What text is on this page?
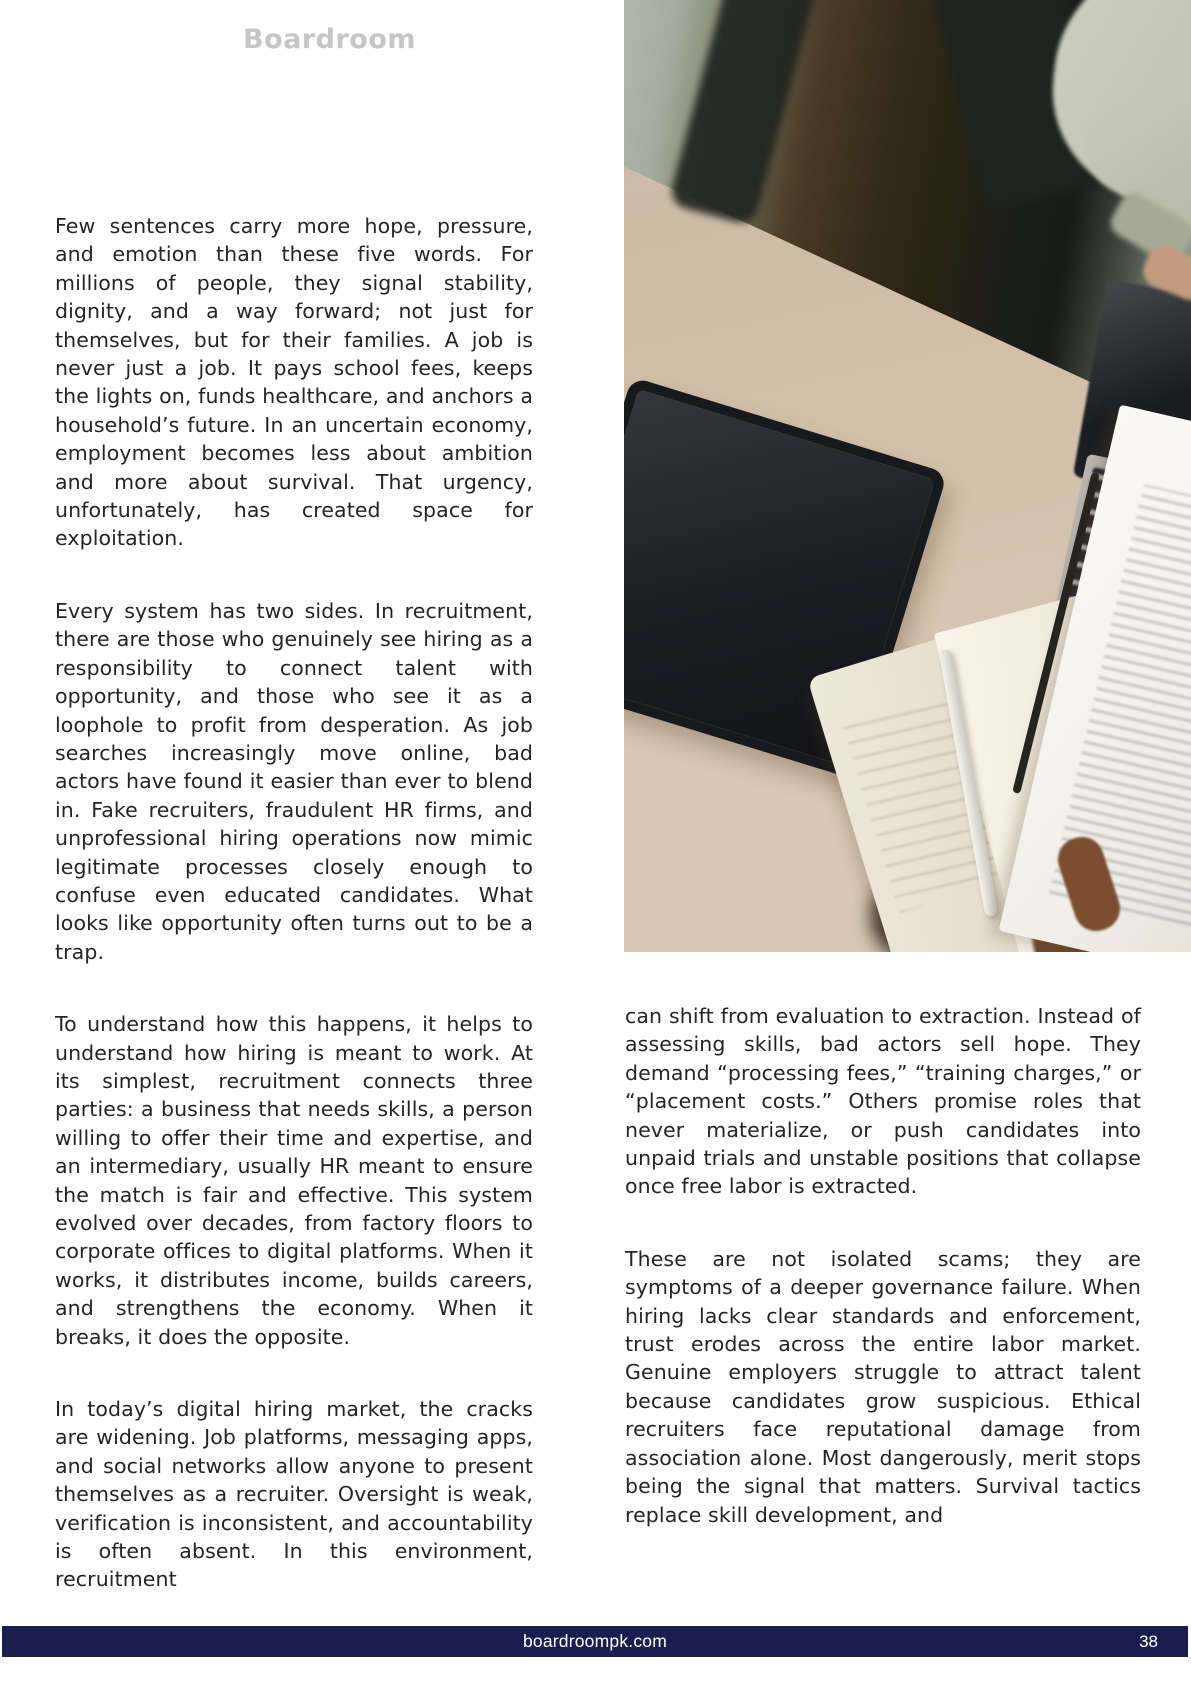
Boardroom

Few sentences carry more hope, pressure, and emotion than these five words. For millions of people, they signal stability, dignity, and a way forward; not just for themselves, but for their families. A job is never just a job. It pays school fees, keeps the lights on, funds healthcare, and anchors a household’s future. In an uncertain economy, employment becomes less about ambition and more about survival. That urgency, unfortunately, has created space for exploitation.

Every system has two sides. In recruitment, there are those who genuinely see hiring as a responsibility to connect talent with opportunity, and those who see it as a loophole to profit from desperation. As job searches increasingly move online, bad actors have found it easier than ever to blend in. Fake recruiters, fraudulent HR firms, and unprofessional hiring operations now mimic legitimate processes closely enough to confuse even educated candidates. What looks like opportunity often turns out to be a trap.

To understand how this happens, it helps to understand how hiring is meant to work. At its simplest, recruitment connects three parties: a business that needs skills, a person willing to offer their time and expertise, and an intermediary, usually HR meant to ensure the match is fair and effective. This system evolved over decades, from factory floors to corporate offices to digital platforms. When it works, it distributes income, builds careers, and strengthens the economy. When it breaks, it does the opposite.

In today’s digital hiring market, the cracks are widening. Job platforms, messaging apps, and social networks allow anyone to present themselves as a recruiter. Oversight is weak, verification is inconsistent, and accountability is often absent. In this environment, recruitment

can shift from evaluation to extraction. Instead of assessing skills, bad actors sell hope. They demand “processing fees,” “training charges,” or “placement costs.” Others promise roles that never materialize, or push candidates into unpaid trials and unstable positions that collapse once free labor is extracted.

These are not isolated scams; they are symptoms of a deeper governance failure. When hiring lacks clear standards and enforcement, trust erodes across the entire labor market. Genuine employers struggle to attract talent because candidates grow suspicious. Ethical recruiters face reputational damage from association alone. Most dangerously, merit stops being the signal that matters. Survival tactics replace skill development, and

boardroompk.com	38
